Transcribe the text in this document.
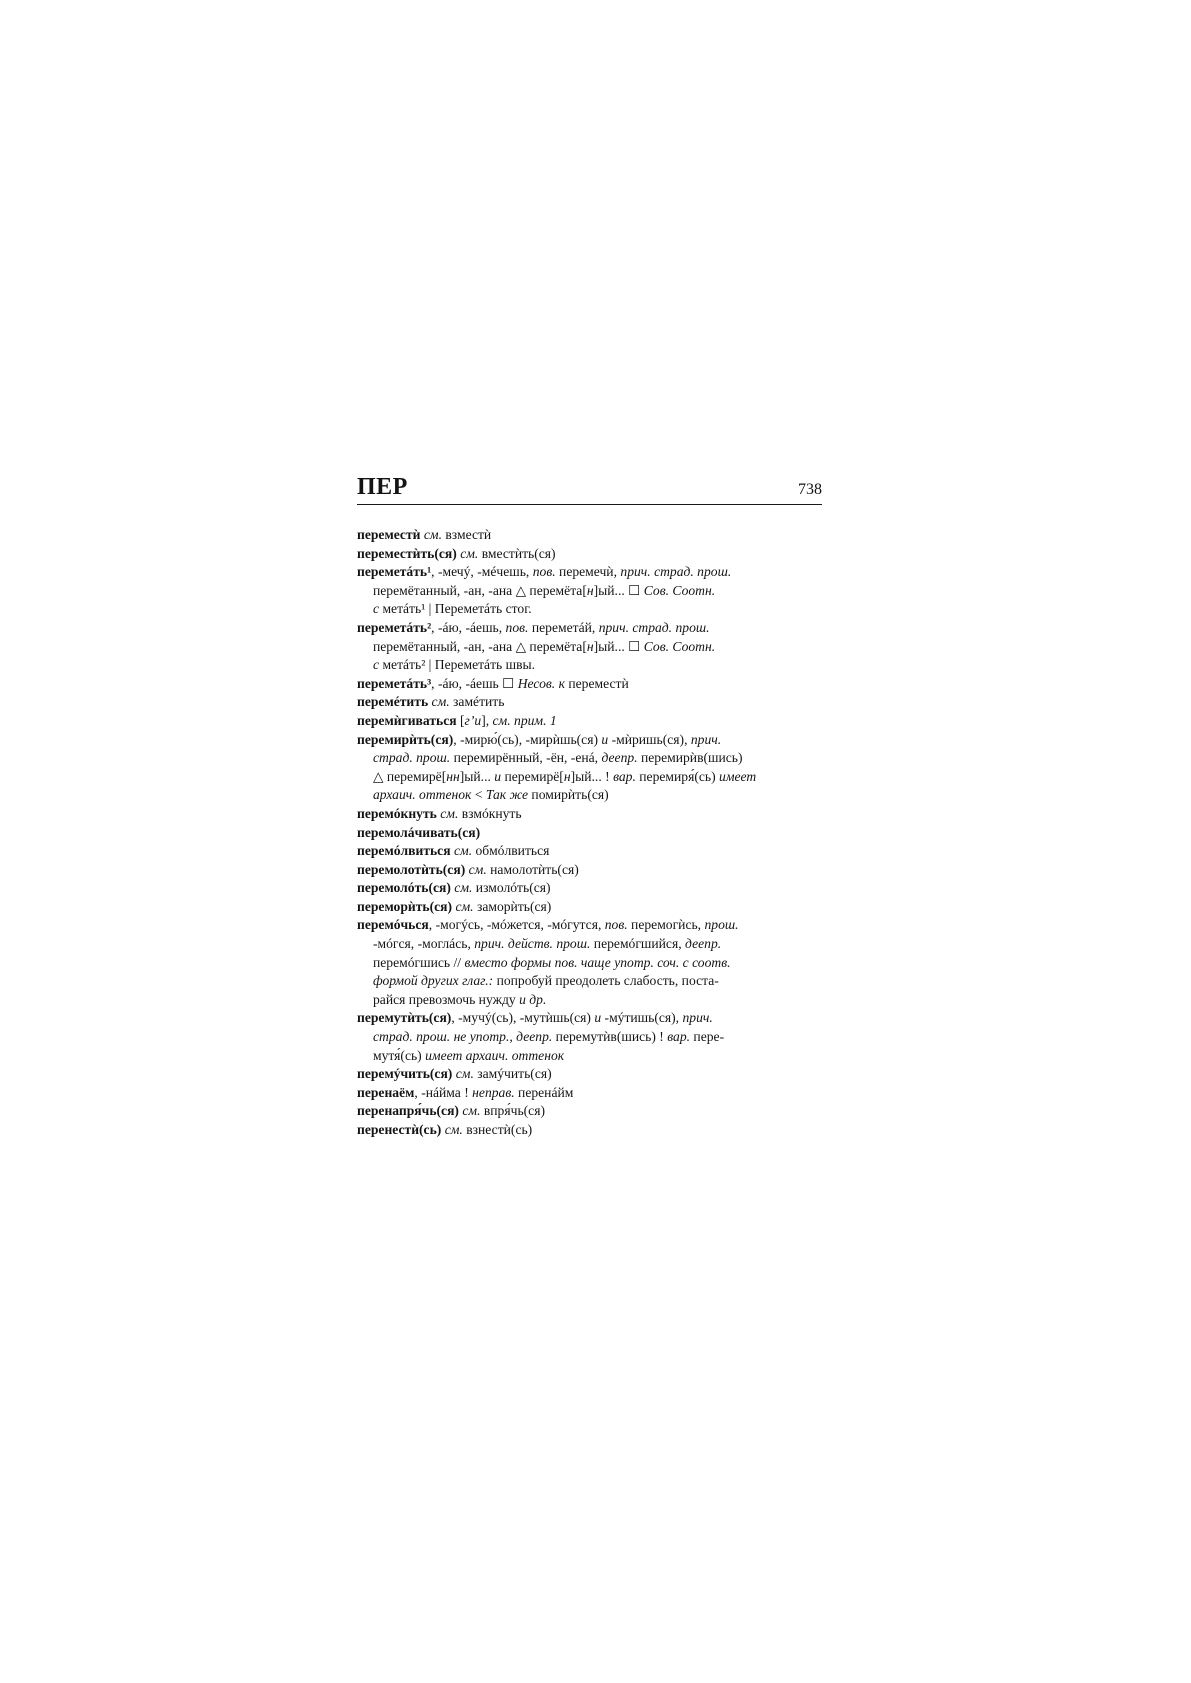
ПЕР	738
переместѝ см. взместѝ
переместѝть(ся) см. вместѝть(ся)
переметáть¹, -мечý, -мéчешь, пов. перемечѝ, прич. страд. прош.
перемётанный, -ан, -ана △ перемёта[н]ый... ☐ Сов. Соотн.
с метáть¹ | Переметáть стог.
переметáть², -áю, -áешь, пов. переметáй, прич. страд. прош.
перемётанный, -ан, -ана △ перемёта[н]ый... ☐ Сов. Соотн.
с метáть² | Переметáть швы.
переметáть³, -áю, -áешь ☐ Несов. к переместѝ
перемéтить см. замéтить
перемѝгиваться [гʼи], см. прим. 1
перемирѝть(ся), -мирю́(сь), -мирѝшь(ся) и -мѝришь(ся), прич.
страд. прош. перемирённый, -ён, -енá, деепр. перемирѝв(шись)
△ перемирё[нн]ый... и перемирё[н]ый... ! вар. перемиря́(сь) имеет
архаич. оттенок < Так же помирѝть(ся)
перемóкнуть см. взмóкнуть
перемолáчивать(ся)
перемóлвиться см. обмóлвиться
перемолотѝть(ся) см. намолотѝть(ся)
перемолóть(ся) см. измолóть(ся)
переморѝть(ся) см. заморѝть(ся)
перемóчься, -могýсь, -мóжется, -мóгутся, пов. перемогѝсь, прош.
-мóгся, -моглáсь, прич. действ. прош. перемóгшийся, деепр.
перемóгшись // вместо формы пов. чаще употр. соч. с соотв.
формой других глаг.: попробуй преодолеть слабость, поста-
райся превозмочь нужду и др.
перемутѝть(ся), -мучý(сь), -мутѝшь(ся) и -мýтишь(ся), прич.
страд. прош. не употр., деепр. перемутѝв(шись) ! вар. пере-
мутя́(сь) имеет архаич. оттенок
перемýчить(ся) см. замýчить(ся)
перенаём, -нáйма ! неправ. перенáйм
перенапря́чь(ся) см. впря́чь(ся)
перенестѝ(сь) см. взнестѝ(сь)
